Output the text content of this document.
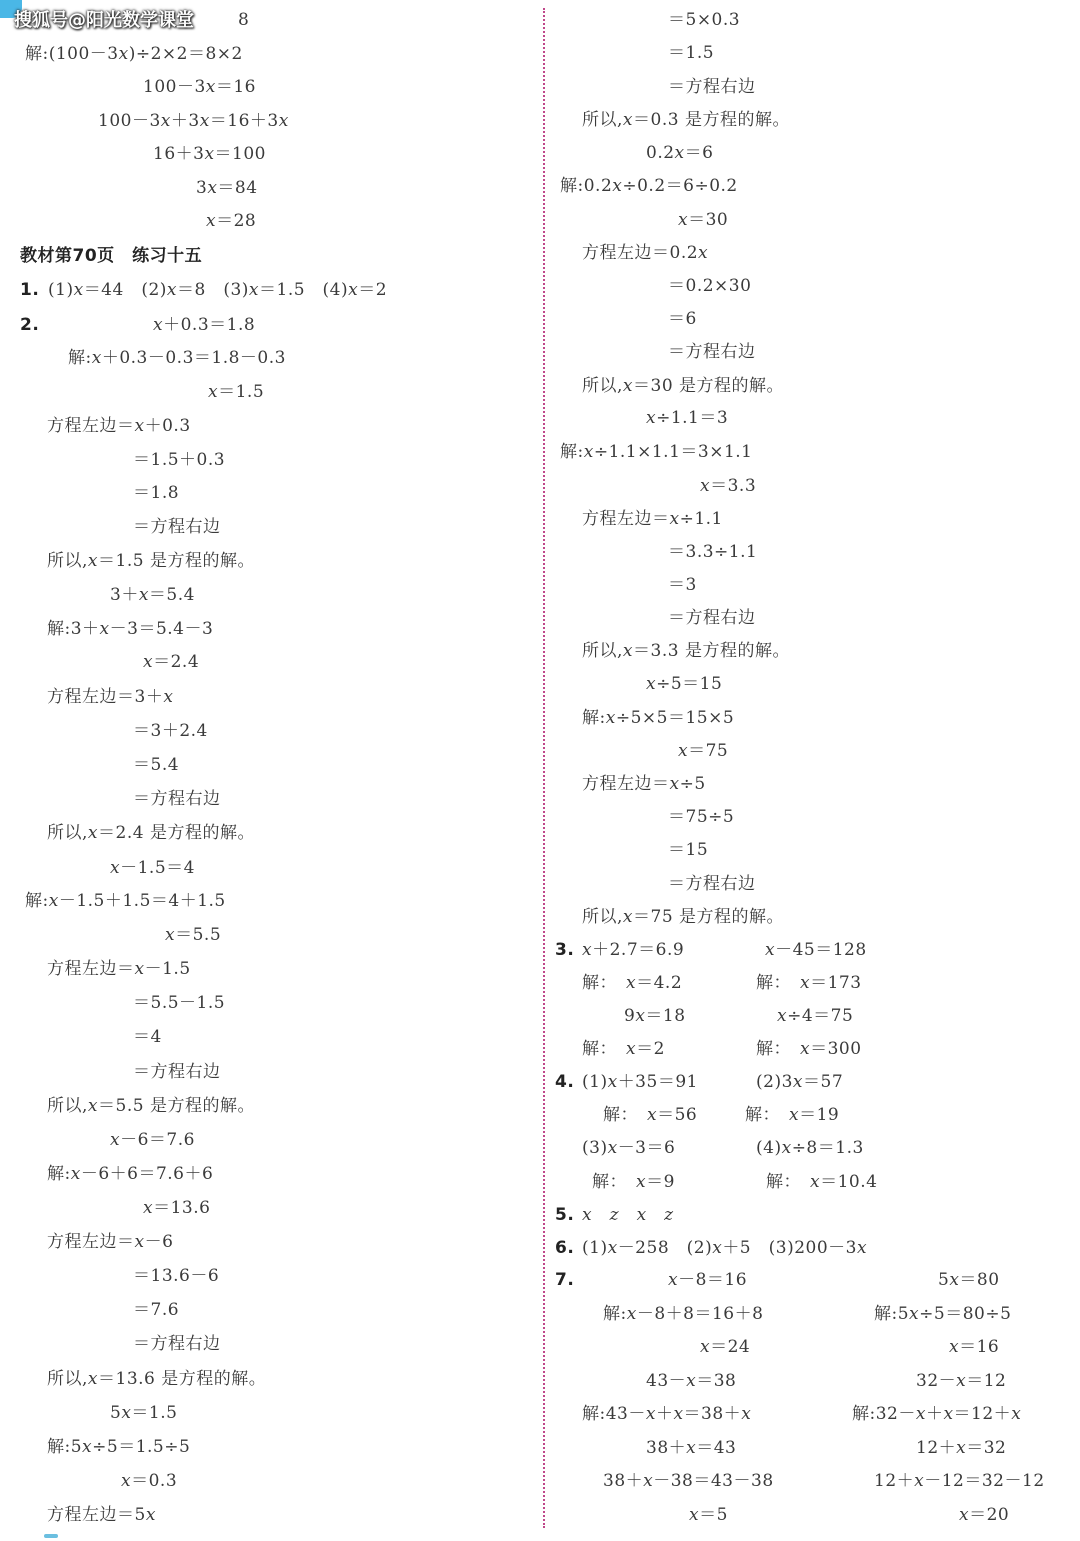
搜狐号@阳光数学课堂	8
解:(100－3x)÷2×2＝8×2
100－3x＝16
100－3x＋3x＝16＋3x
16＋3x＝100
3x＝84
x＝28
教材第70页　练习十五
1. (1)x＝44　(2)x＝8　(3)x＝1.5　(4)x＝2
2.	x＋0.3＝1.8
解:x＋0.3－0.3＝1.8－0.3
x＝1.5
方程左边＝x＋0.3
＝1.5＋0.3
＝1.8
＝方程右边
所以,x＝1.5 是方程的解。
3＋x＝5.4
解:3＋x－3＝5.4－3
x＝2.4
方程左边＝3＋x
＝3＋2.4
＝5.4
＝方程右边
所以,x＝2.4 是方程的解。
x－1.5＝4
解:x－1.5＋1.5＝4＋1.5
x＝5.5
方程左边＝x－1.5
＝5.5－1.5
＝4
＝方程右边
所以,x＝5.5 是方程的解。
x－6＝7.6
解:x－6＋6＝7.6＋6
x＝13.6
方程左边＝x－6
＝13.6－6
＝7.6
＝方程右边
所以,x＝13.6 是方程的解。
5x＝1.5
解:5x÷5＝1.5÷5
x＝0.3
方程左边＝5x
＝5×0.3
＝1.5
＝方程右边
所以,x＝0.3 是方程的解。
0.2x＝6
解:0.2x÷0.2＝6÷0.2
x＝30
方程左边＝0.2x
＝0.2×30
＝6
＝方程右边
所以,x＝30 是方程的解。
x÷1.1＝3
解:x÷1.1×1.1＝3×1.1
x＝3.3
方程左边＝x÷1.1
＝3.3÷1.1
＝3
＝方程右边
所以,x＝3.3 是方程的解。
x÷5＝15
解:x÷5×5＝15×5
x＝75
方程左边＝x÷5
＝75÷5
＝15
＝方程右边
所以,x＝75 是方程的解。
3. x＋2.7＝6.9	x－45＝128
解：　x＝4.2	解：　x＝173
9x＝18	x÷4＝75
解：　x＝2	解：　x＝300
4. (1)x＋35＝91	(2)3x＝57
解：　x＝56	解：　x＝19
(3)x－3＝6	(4)x÷8＝1.3
解：　x＝9	解：　x＝10.4
5. x　 z　 x　 z
6. (1)x－258　(2)x＋5　(3)200－3x
7.	x－8＝16	5x＝80
解:x－8＋8＝16＋8	解:5x÷5＝80÷5
x＝24	x＝16
43－x＝38	32－x＝12
解:43－x＋x＝38＋x	解:32－x＋x＝12＋x
38＋x＝43	12＋x＝32
38＋x－38＝43－38	12＋x－12＝32－12
x＝5	x＝20
